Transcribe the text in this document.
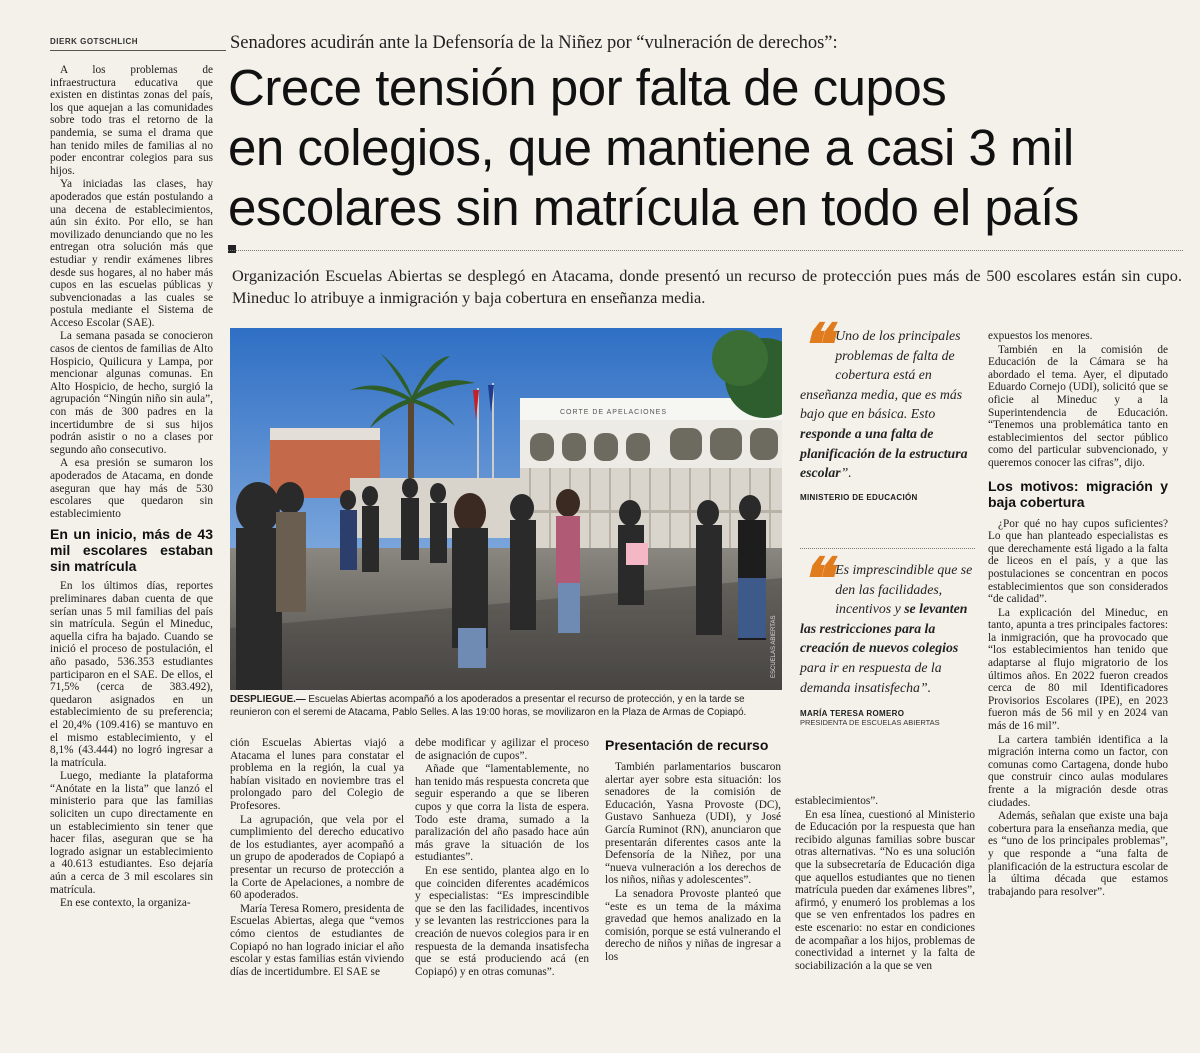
DIERK GOTSCHLICH

A los problemas de infraestructura educativa que existen en distintas zonas del país, los que aquejan a las comunidades sobre todo tras el retorno de la pandemia, se suma el drama que han tenido miles de familias al no poder encontrar colegios para sus hijos.

Ya iniciadas las clases, hay apoderados que están postulando a una decena de establecimientos, aún sin éxito. Por ello, se han movilizado denunciando que no les entregan otra solución más que estudiar y rendir exámenes libres desde sus hogares, al no haber más cupos en las escuelas públicas y subvencionadas a las cuales se postula mediante el Sistema de Acceso Escolar (SAE).

La semana pasada se conocieron casos de cientos de familias de Alto Hospicio, Quilicura y Lampa, por mencionar algunas comunas. En Alto Hospicio, de hecho, surgió la agrupación “Ningún niño sin aula”, con más de 300 padres en la incertidumbre de si sus hijos podrán asistir o no a clases por segundo año consecutivo.

A esa presión se sumaron los apoderados de Atacama, en donde aseguran que hay más de 530 escolares que quedaron sin establecimiento

En un inicio, más de 43 mil escolares estaban sin matrícula

En los últimos días, reportes preliminares daban cuenta de que serían unas 5 mil familias del país sin matrícula. Según el Mineduc, aquella cifra ha bajado. Cuando se inició el proceso de postulación, el año pasado, 536.353 estudiantes participaron en el SAE. De ellos, el 71,5% (cerca de 383.492), quedaron asignados en un establecimiento de su preferencia; el 20,4% (109.416) se mantuvo en el mismo establecimiento, y el 8,1% (43.444) no logró ingresar a la matrícula.

Luego, mediante la plataforma “Anótate en la lista” que lanzó el ministerio para que las familias soliciten un cupo directamente en un establecimiento sin tener que hacer filas, aseguran que se ha logrado asignar un establecimiento a 40.613 estudiantes. Eso dejaría aún a cerca de 3 mil escolares sin matrícula.

En ese contexto, la organiza-

Senadores acudirán ante la Defensoría de la Niñez por “vulneración de derechos”:
Crece tensión por falta de cupos
en colegios, que mantiene a casi 3 mil
escolares sin matrícula en todo el país
Organización Escuelas Abiertas se desplegó en Atacama, donde presentó un recurso de protección pues más de 500 escolares están sin cupo. Mineduc lo atribuye a inmigración y baja cobertura en enseñanza media.
CORTE DE APELACIONES
ESCUELAS ABIERTAS
DESPLIEGUE.— Escuelas Abiertas acompañó a los apoderados a presentar el recurso de protección, y en la tarde se reunieron con el seremi de Atacama, Pablo Selles. A las 19:00 horas, se movilizaron en la Plaza de Armas de Copiapó.

ción Escuelas Abiertas viajó a Atacama el lunes para constatar el problema en la región, la cual ya habían visitado en noviembre tras el prolongado paro del Colegio de Profesores.

La agrupación, que vela por el cumplimiento del derecho educativo de los estudiantes, ayer acompañó a un grupo de apoderados de Copiapó a presentar un recurso de protección a la Corte de Apelaciones, a nombre de 60 apoderados.

María Teresa Romero, presidenta de Escuelas Abiertas, alega que “vemos cómo cientos de estudiantes de Copiapó no han logrado iniciar el año escolar y estas familias están viviendo días de incertidumbre. El SAE se

debe modificar y agilizar el proceso de asignación de cupos”.

Añade que “lamentablemente, no han tenido más respuesta concreta que seguir esperando a que se liberen cupos y que corra la lista de espera. Todo este drama, sumado a la paralización del año pasado hace aún más grave la situación de los estudiantes”.

En ese sentido, plantea algo en lo que coinciden diferentes académicos y especialistas: “Es imprescindible que se den las facilidades, incentivos y se levanten las restricciones para la creación de nuevos colegios para ir en respuesta de la demanda insatisfecha que se está produciendo acá (en Copiapó) y en otras comunas”.

Presentación de recurso

También parlamentarios buscaron alertar ayer sobre esta situación: los senadores de la comisión de Educación, Yasna Provoste (DC), Gustavo Sanhueza (UDI), y José García Ruminot (RN), anunciaron que presentarán diferentes casos ante la Defensoría de la Niñez, por una “nueva vulneración a los derechos de los niños, niñas y adolescentes”.

La senadora Provoste planteó que “este es un tema de la máxima gravedad que hemos analizado en la comisión, porque se está vulnerando el derecho de niños y niñas de ingresar a los

❝ Uno de los principales problemas de falta de cobertura está en enseñanza media, que es más bajo que en básica. Esto responde a una falta de planificación de la estructura escolar”.
MINISTERIO DE EDUCACIÓN
❝ Es imprescindible que se den las facilidades, incentivos y se levanten las restricciones para la creación de nuevos colegios para ir en respuesta de la demanda insatisfecha”.
MARÍA TERESA ROMERO
PRESIDENTA DE ESCUELAS ABIERTAS

establecimientos”.

En esa línea, cuestionó al Ministerio de Educación por la respuesta que han recibido algunas familias sobre buscar otras alternativas. “No es una solución que la subsecretaría de Educación diga que aquellos estudiantes que no tienen matrícula pueden dar exámenes libres”, afirmó, y enumeró los problemas a los que se ven enfrentados los padres en este escenario: no estar en condiciones de acompañar a los hijos, problemas de conectividad a internet y la falta de sociabilización a la que se ven

expuestos los menores.

También en la comisión de Educación de la Cámara se ha abordado el tema. Ayer, el diputado Eduardo Cornejo (UDI), solicitó que se oficie al Mineduc y a la Superintendencia de Educación. “Tenemos una problemática tanto en establecimientos del sector público como del particular subvencionado, y queremos conocer las cifras”, dijo.

Los motivos: migración y baja cobertura

¿Por qué no hay cupos suficientes? Lo que han planteado especialistas es que derechamente está ligado a la falta de liceos en el país, y a que las postulaciones se concentran en pocos establecimientos que son considerados “de calidad”.

La explicación del Mineduc, en tanto, apunta a tres principales factores: la inmigración, que ha provocado que “los establecimientos han tenido que adaptarse al flujo migratorio de los últimos años. En 2022 fueron creados cerca de 80 mil Identificadores Provisorios Escolares (IPE), en 2023 fueron más de 56 mil y en 2024 van más de 16 mil”.

La cartera también identifica a la migración interna como un factor, con comunas como Cartagena, donde hubo que construir cinco aulas modulares frente a la migración desde otras ciudades.

Además, señalan que existe una baja cobertura para la enseñanza media, que es “uno de los principales problemas”, y que responde a “una falta de planificación de la estructura escolar de la última década que estamos trabajando para resolver”.
